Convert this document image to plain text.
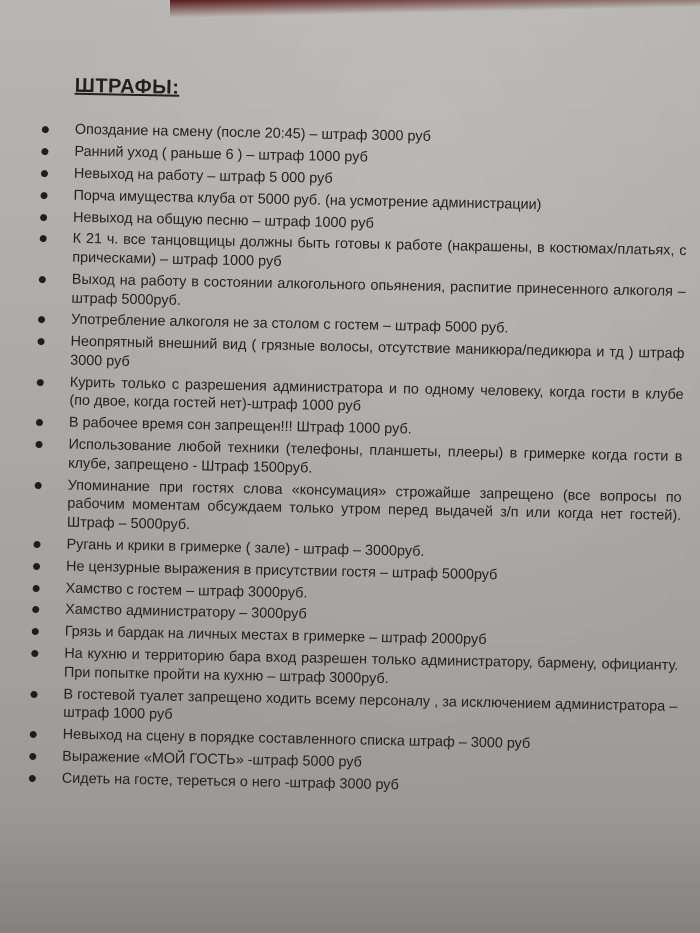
ШТРАФЫ:
Опоздание на смену (после 20:45) – штраф 3000 руб
Ранний уход ( раньше 6 ) – штраф 1000 руб
Невыход на работу – штраф 5 000 руб
Порча имущества клуба от 5000 руб. (на усмотрение администрации)
Невыход на общую песню – штраф 1000 руб
К 21 ч. все танцовщицы должны быть готовы к работе (накрашены, в костюмах/платьях, с прическами) – штраф 1000 руб
Выход на работу в состоянии алкогольного опьянения, распитие принесенного алкоголя – штраф 5000руб.
Употребление алкоголя не за столом с гостем – штраф 5000 руб.
Неопрятный внешний вид ( грязные волосы, отсутствие маникюра/педикюра и тд ) штраф 3000 руб
Курить только с разрешения администратора и по одному человеку, когда гости в клубе (по двое, когда гостей нет)-штраф 1000 руб
В рабочее время сон запрещен!!! Штраф 1000 руб.
Использование любой техники (телефоны, планшеты, плееры) в гримерке когда гости в клубе, запрещено - Штраф 1500руб.
Упоминание при гостях слова «консумация» строжайше запрещено (все вопросы по рабочим моментам обсуждаем только утром перед выдачей з/п или когда нет гостей). Штраф – 5000руб.
Ругань и крики в гримерке ( зале) - штраф – 3000руб.
Не цензурные выражения в присутствии гостя – штраф 5000руб
Хамство с гостем – штраф 3000руб.
Хамство администратору – 3000руб
Грязь и бардак на личных местах в гримерке – штраф 2000руб
На кухню и территорию бара вход разрешен только администратору, бармену, официанту. При попытке пройти на кухню – штраф 3000руб.
В гостевой туалет запрещено ходить всему персоналу , за исключением администратора – штраф 1000 руб
Невыход на сцену в порядке составленного списка штраф – 3000 руб
Выражение «МОЙ ГОСТЬ» -штраф 5000 руб
Сидеть на госте, тереться о него -штраф 3000 руб
